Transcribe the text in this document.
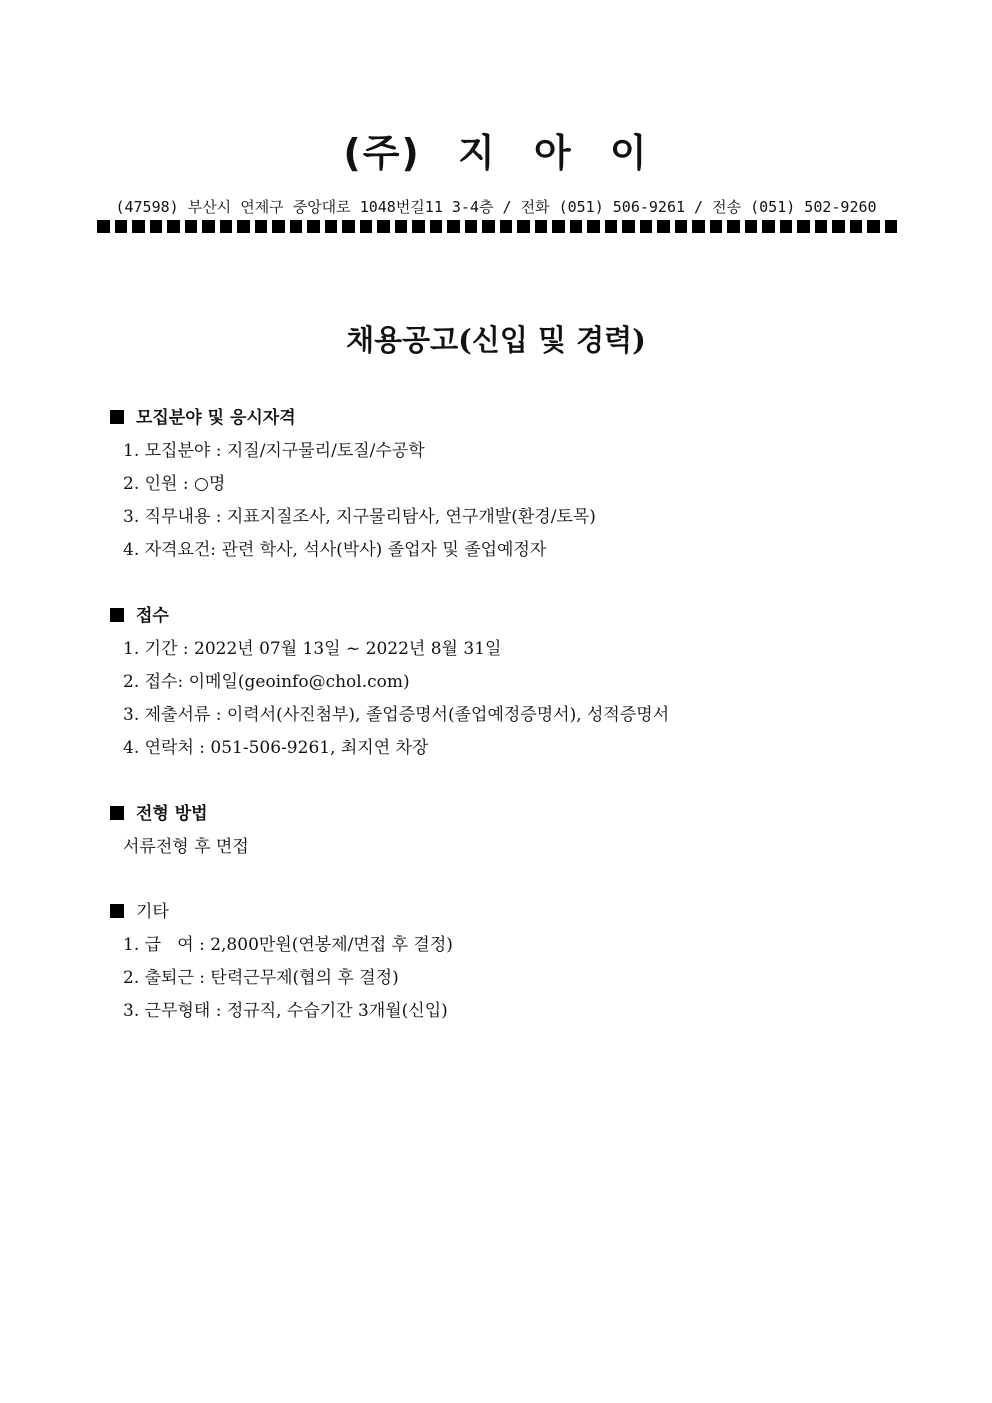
(주) 지 아 이
(47598) 부산시 연제구 중앙대로 1048번길11 3-4층 / 전화 (051) 506-9261 / 전송 (051) 502-9260
채용공고(신입 및 경력)
모집분야 및 응시자격
1. 모집분야 : 지질/지구물리/토질/수공학
2. 인원 : ○명
3. 직무내용 : 지표지질조사, 지구물리탐사, 연구개발(환경/토목)
4. 자격요건: 관련 학사, 석사(박사) 졸업자 및 졸업예정자
접수
1. 기간 : 2022년 07월 13일 ~ 2022년 8월 31일
2. 접수: 이메일(geoinfo@chol.com)
3. 제출서류 : 이력서(사진첨부), 졸업증명서(졸업예정증명서), 성적증명서
4. 연락처 : 051-506-9261, 최지연 차장
전형 방법
서류전형 후 면접
기타
1. 급   여 : 2,800만원(연봉제/면접 후 결정)
2. 출퇴근 : 탄력근무제(협의 후 결정)
3. 근무형태 : 정규직, 수습기간 3개월(신입)
